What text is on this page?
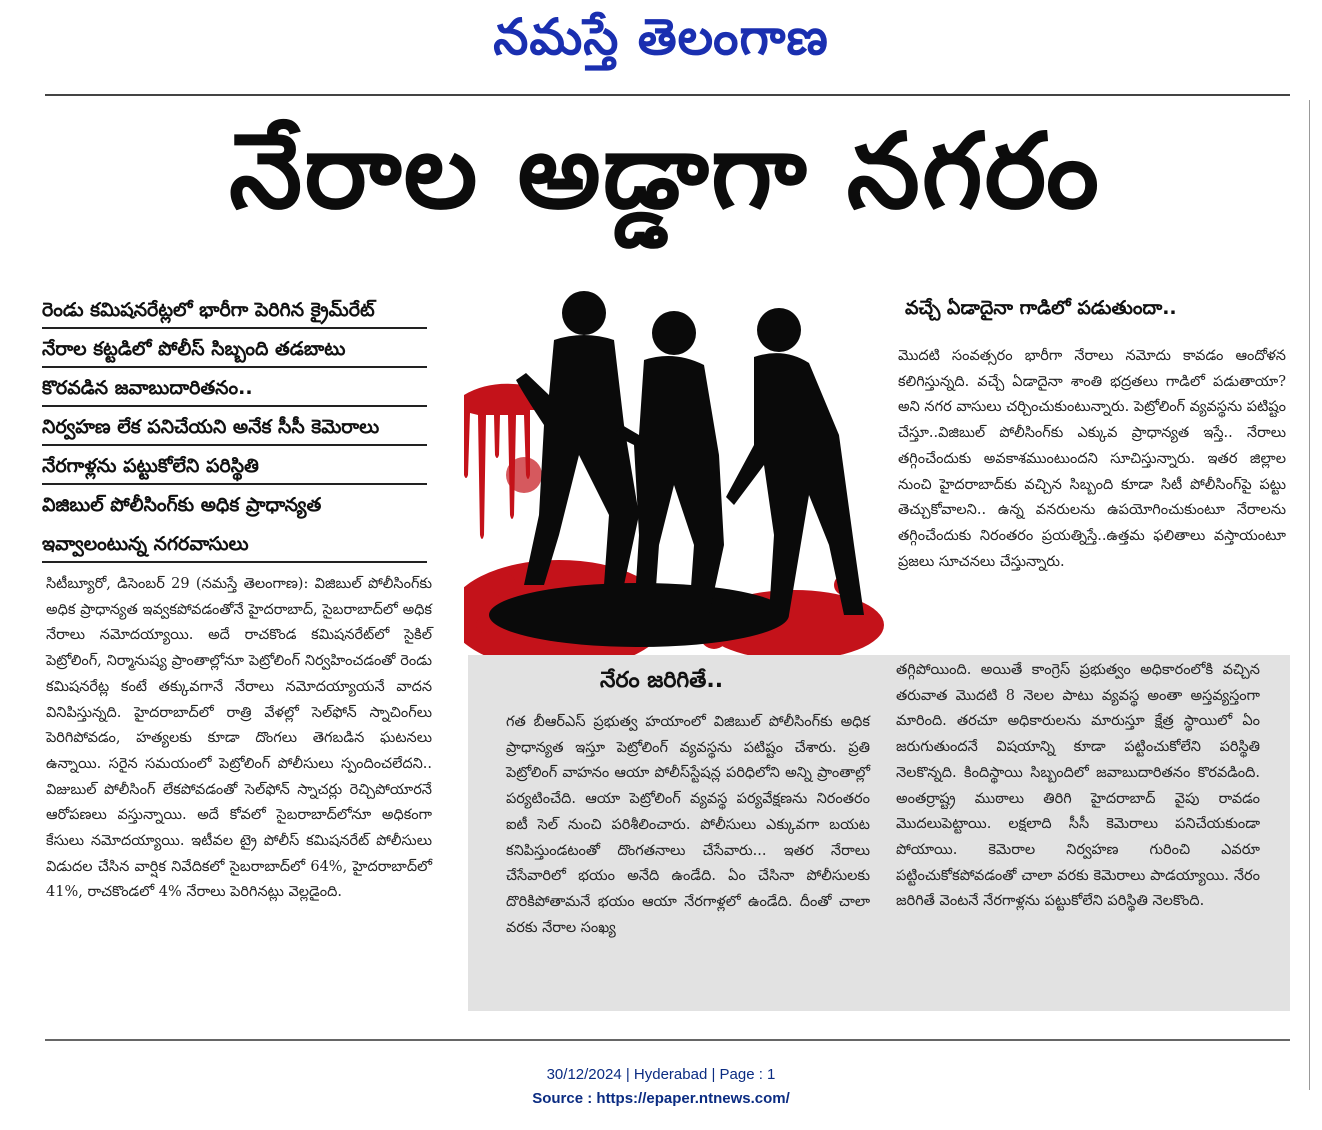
నమస్తే తెలంగాణ
నేరాల అడ్డాగా నగరం
రెండు కమిషనరేట్లలో భారీగా పెరిగిన క్రైమ్‌రేట్
నేరాల కట్టడిలో పోలీస్ సిబ్బంది తడబాటు
కొరవడిన జవాబుదారితనం..
నిర్వహణ లేక పనిచేయని అనేక సీసీ కెమెరాలు
నేరగాళ్లను పట్టుకోలేని పరిస్థితి
విజిబుల్ పోలీసింగ్‌కు అధిక ప్రాధాన్యత
ఇవ్వాలంటున్న నగరవాసులు
సిటీబ్యూరో, డిసెంబర్ 29 (నమస్తే తెలంగాణ): విజిబుల్ పోలీసింగ్‌కు అధిక ప్రాధాన్యత ఇవ్వకపోవడంతోనే హైదరాబాద్, సైబరాబాద్‌లో అధిక నేరాలు నమోదయ్యాయి. అదే రాచకొండ కమిషనరేట్‌లో సైకిల్ పెట్రోలింగ్, నిర్మానుష్య ప్రాంతాల్లోనూ పెట్రోలింగ్ నిర్వహించడంతో రెండు కమిషనరేట్ల కంటే తక్కువగానే నేరాలు నమోదయ్యాయనే వాదన వినిపిస్తున్నది. హైదరాబాద్‌లో రాత్రి వేళల్లో సెల్‌ఫోన్ స్నాచింగ్‌లు పెరిగిపోవడం, హత్యలకు కూడా దొంగలు తెగబడిన ఘటనలు ఉన్నాయి. సరైన సమయంలో పెట్రోలింగ్ పోలీసులు స్పందించలేదని.. విజుబుల్ పోలీసింగ్ లేకపోవడంతో సెల్‌ఫోన్ స్నాచర్లు రెచ్చిపోయారనే ఆరోపణలు వస్తున్నాయి. అదే కోవలో సైబరాబాద్‌లోనూ అధికంగా కేసులు నమోదయ్యాయి. ఇటీవల ట్రై పోలీస్ కమిషనరేట్ పోలీసులు విడుదల చేసిన వార్షిక నివేదికలో సైబరాబాద్‌లో 64%, హైదరాబాద్‌లో 41%, రాచకొండలో 4% నేరాలు పెరిగినట్లు వెల్లడైంది.
వచ్చే ఏడాదైనా గాడిలో పడుతుందా..
మొదటి సంవత్సరం భారీగా నేరాలు నమోదు కావడం ఆందోళన కలిగిస్తున్నది. వచ్చే ఏడాదైనా శాంతి భద్రతలు గాడిలో పడుతాయా? అని నగర వాసులు చర్చించుకుంటున్నారు. పెట్రోలింగ్ వ్యవస్థను పటిష్టం చేస్తూ..విజిబుల్ పోలీసింగ్‌కు ఎక్కువ ప్రాధాన్యత ఇస్తే.. నేరాలు తగ్గించేందుకు అవకాశముంటుందని సూచిస్తున్నారు. ఇతర జిల్లాల నుంచి హైదరాబాద్‌కు వచ్చిన సిబ్బంది కూడా సిటీ పోలీసింగ్‌పై పట్టు తెచ్చుకోవాలని.. ఉన్న వనరులను ఉపయోగించుకుంటూ నేరాలను తగ్గించేందుకు నిరంతరం ప్రయత్నిస్తే..ఉత్తమ ఫలితాలు వస్తాయంటూ ప్రజలు సూచనలు చేస్తున్నారు.
నేరం జరిగితే..
గత బీఆర్‌ఎస్ ప్రభుత్వ హయాంలో విజిబుల్ పోలీసింగ్‌కు అధిక ప్రాధాన్యత ఇస్తూ పెట్రోలింగ్ వ్యవస్థను పటిష్టం చేశారు. ప్రతి పెట్రోలింగ్ వాహనం ఆయా పోలీస్‌స్టేషన్ల పరిధిలోని అన్ని ప్రాంతాల్లో పర్యటించేది. ఆయా పెట్రోలింగ్ వ్యవస్థ పర్యవేక్షణను నిరంతరం ఐటీ సెల్ నుంచి పరిశీలించారు. పోలీసులు ఎక్కువగా బయట కనిపిస్తుండటంతో దొంగతనాలు చేసేవారు... ఇతర నేరాలు చేసేవారిలో భయం అనేది ఉండేది. ఏం చేసినా పోలీసులకు దొరికిపోతామనే భయం ఆయా నేరగాళ్లలో ఉండేది. దీంతో చాలా వరకు నేరాల సంఖ్య
తగ్గిపోయింది. అయితే కాంగ్రెస్ ప్రభుత్వం అధికారంలోకి వచ్చిన తరువాత మొదటి 8 నెలల పాటు వ్యవస్థ అంతా అస్తవ్యస్తంగా మారింది. తరచూ అధికారులను మారుస్తూ క్షేత్ర స్థాయిలో ఏం జరుగుతుందనే విషయాన్ని కూడా పట్టించుకోలేని పరిస్థితి నెలకొన్నది. కిందిస్థాయి సిబ్బందిలో జవాబుదారితనం కొరవడింది. అంతర్రాష్ట్ర ముఠాలు తిరిగి హైదరాబాద్ వైపు రావడం మొదలుపెట్టాయి. లక్షలాది సీసీ కెమెరాలు పనిచేయకుండా పోయాయి. కెమెరాల నిర్వహణ గురించి ఎవరూ పట్టించుకోకపోవడంతో చాలా వరకు కెమెరాలు పాడయ్యాయి. నేరం జరిగితే వెంటనే నేరగాళ్లను పట్టుకోలేని పరిస్థితి నెలకొంది.
30/12/2024 | Hyderabad | Page : 1
Source : https://epaper.ntnews.com/
